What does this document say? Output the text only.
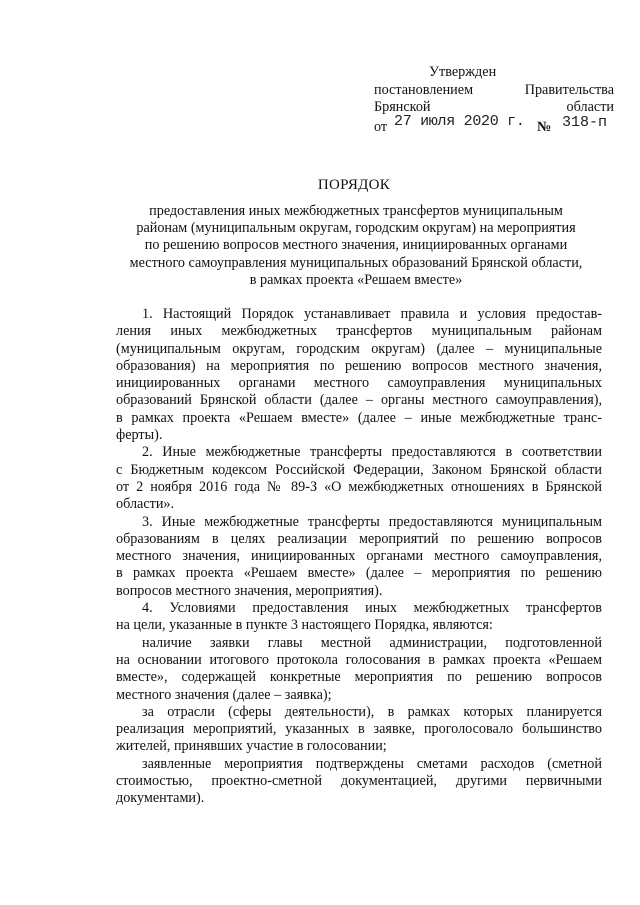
Утвержден
постановлением Правительства
Брянской области
от 27 июля 2020 г. № 318-п
ПОРЯДОК
предоставления иных межбюджетных трансфертов муниципальным
районам (муниципальным округам, городским округам) на мероприятия
по решению вопросов местного значения, инициированных органами
местного самоуправления муниципальных образований Брянской области,
в рамках проекта «Решаем вместе»

1. Настоящий Порядок устанавливает правила и условия предостав-
ления иных межбюджетных трансфертов муниципальным районам
(муниципальным округам, городским округам) (далее – муниципальные
образования) на мероприятия по решению вопросов местного значения,
инициированных органами местного самоуправления муниципальных
образований Брянской области (далее – органы местного самоуправления),
в рамках проекта «Решаем вместе» (далее – иные межбюджетные транс-
ферты).

2. Иные межбюджетные трансферты предоставляются в соответствии
с Бюджетным кодексом Российской Федерации, Законом Брянской области
от 2 ноября 2016 года № 89-З «О межбюджетных отношениях в Брянской
области».

3. Иные межбюджетные трансферты предоставляются муниципальным
образованиям в целях реализации мероприятий по решению вопросов
местного значения, инициированных органами местного самоуправления,
в рамках проекта «Решаем вместе» (далее – мероприятия по решению
вопросов местного значения, мероприятия).

4. Условиями предоставления иных межбюджетных трансфертов
на цели, указанные в пункте 3 настоящего Порядка, являются:

наличие заявки главы местной администрации, подготовленной
на основании итогового протокола голосования в рамках проекта «Решаем
вместе», содержащей конкретные мероприятия по решению вопросов
местного значения (далее – заявка);

за отрасли (сферы деятельности), в рамках которых планируется
реализация мероприятий, указанных в заявке, проголосовало большинство
жителей, принявших участие в голосовании;

заявленные мероприятия подтверждены сметами расходов (сметной
стоимостью, проектно-сметной документацией, другими первичными
документами).
